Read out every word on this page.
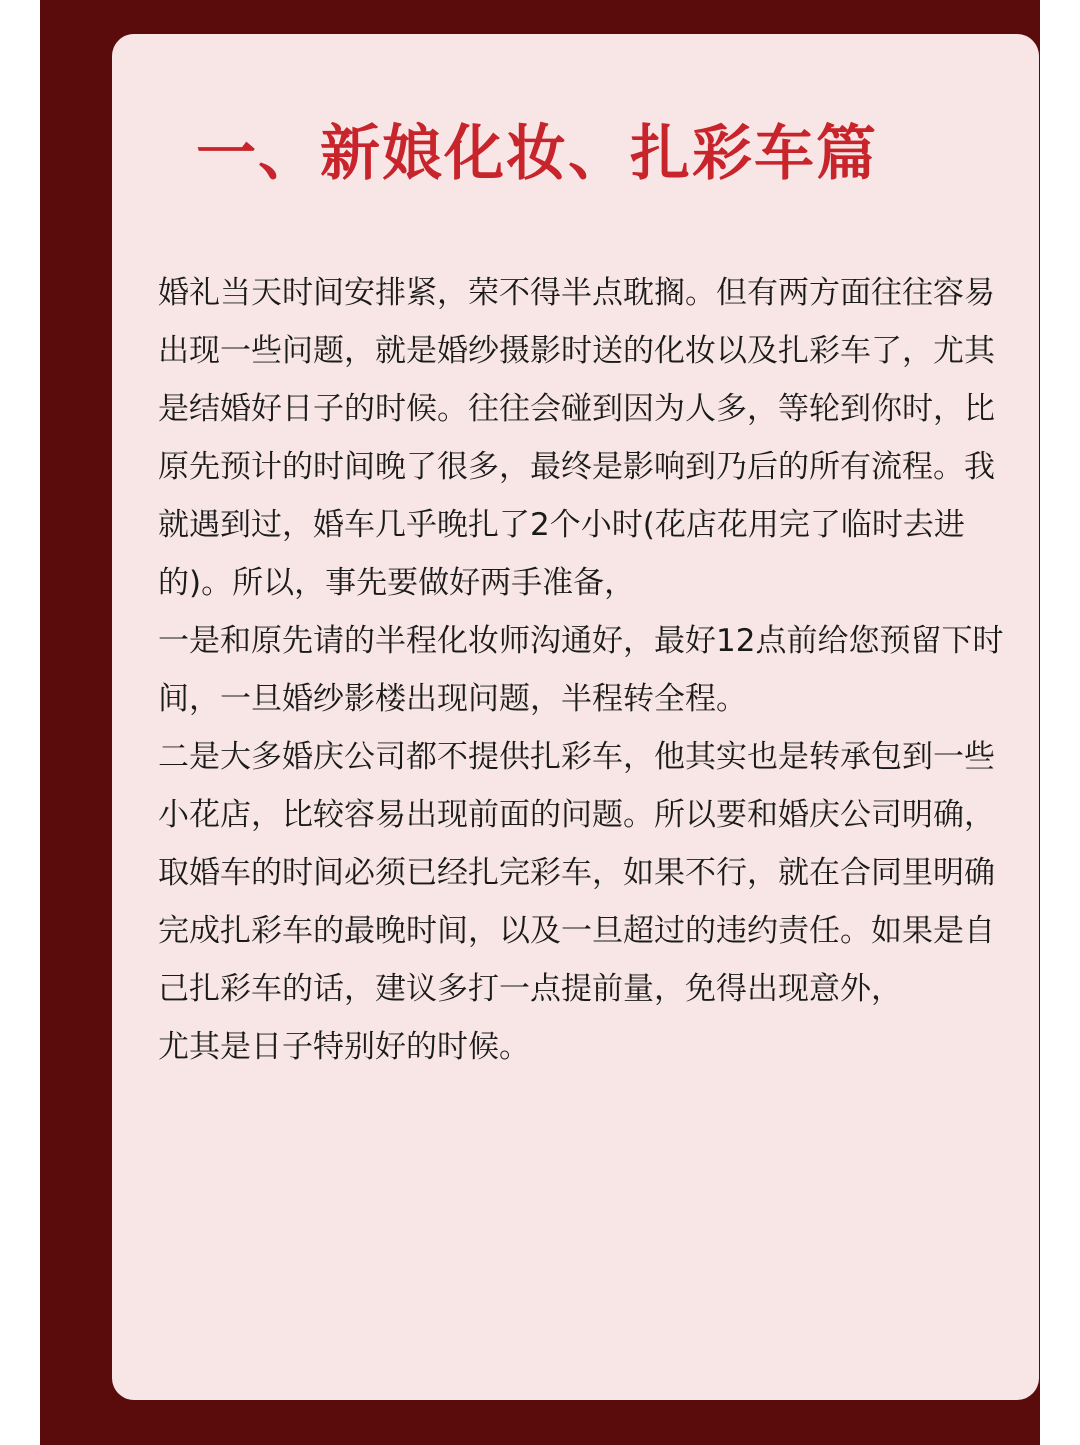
一、新娘化妆、扎彩车篇

婚礼当天时间安排紧，荣不得半点耽搁。但有两方面往往容易出现一些问题，就是婚纱摄影时送的化妆以及扎彩车了，尤其是结婚好日子的时候。往往会碰到因为人多，等轮到你时，比原先预计的时间晚了很多，最终是影响到乃后的所有流程。我就遇到过，婚车几乎晚扎了2个小时(花店花用完了临时去进的)。所以，事先要做好两手准备，

一是和原先请的半程化妆师沟通好，最好12点前给您预留下时间，一旦婚纱影楼出现问题，半程转全程。

二是大多婚庆公司都不提供扎彩车，他其实也是转承包到一些小花店，比较容易出现前面的问题。所以要和婚庆公司明确，取婚车的时间必须已经扎完彩车，如果不行，就在合同里明确完成扎彩车的最晚时间，以及一旦超过的违约责任。如果是自己扎彩车的话，建议多打一点提前量，免得出现意外，

尤其是日子特别好的时候。
